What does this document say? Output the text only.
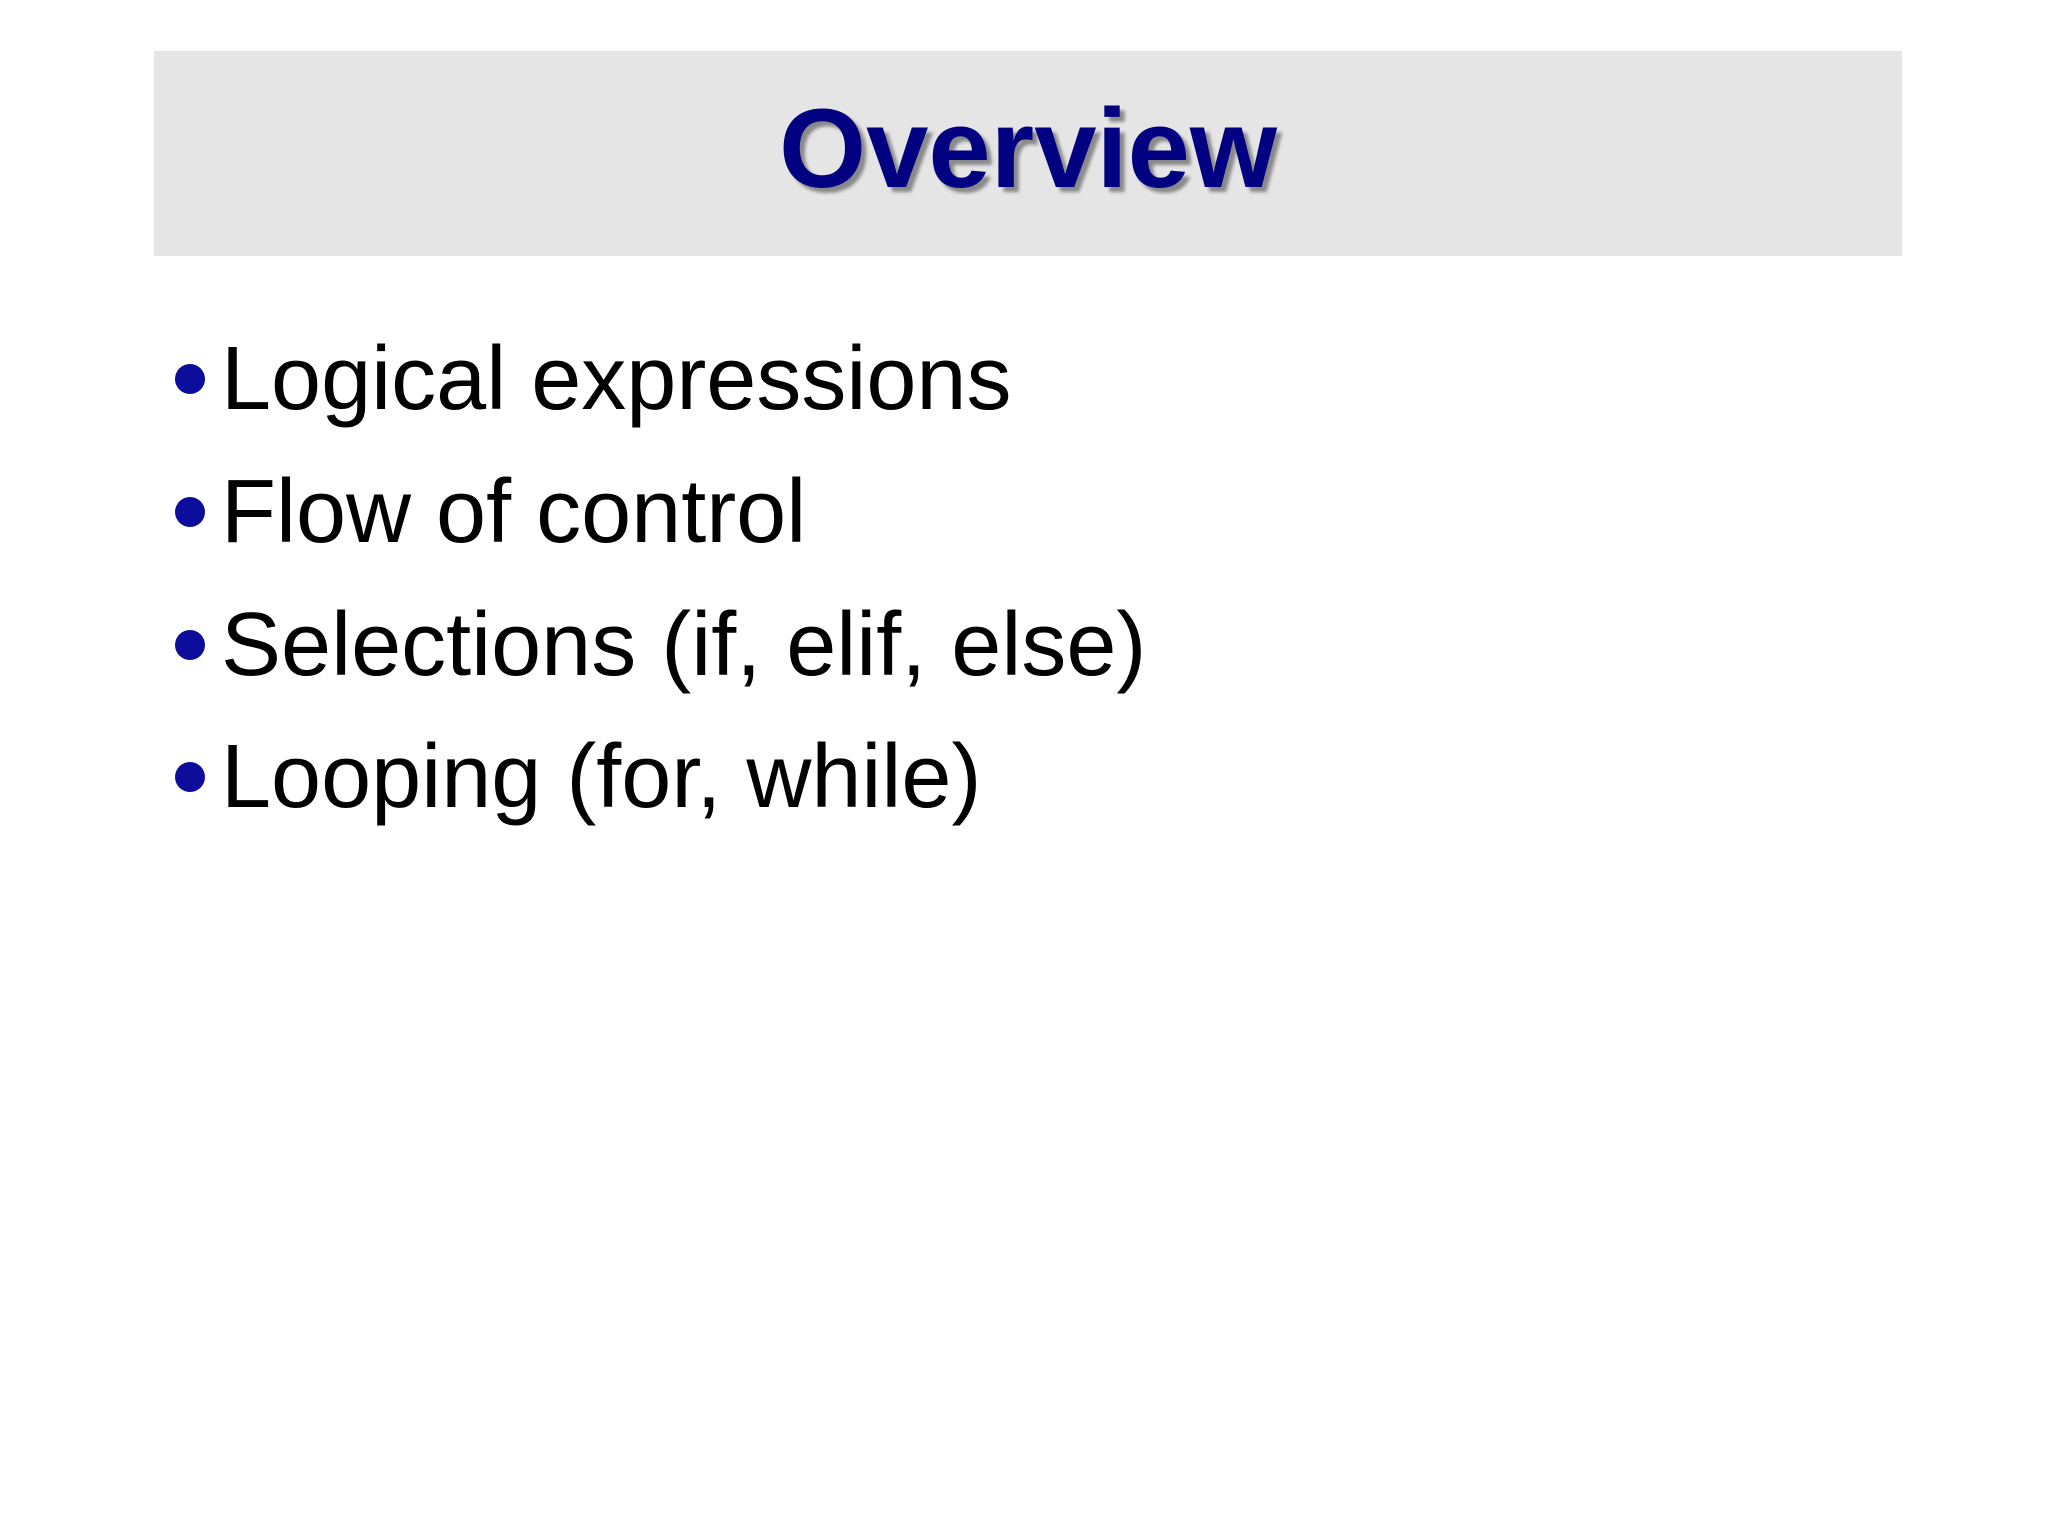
Overview
Logical expressions
Flow of control
Selections (if, elif, else)
Looping (for, while)
